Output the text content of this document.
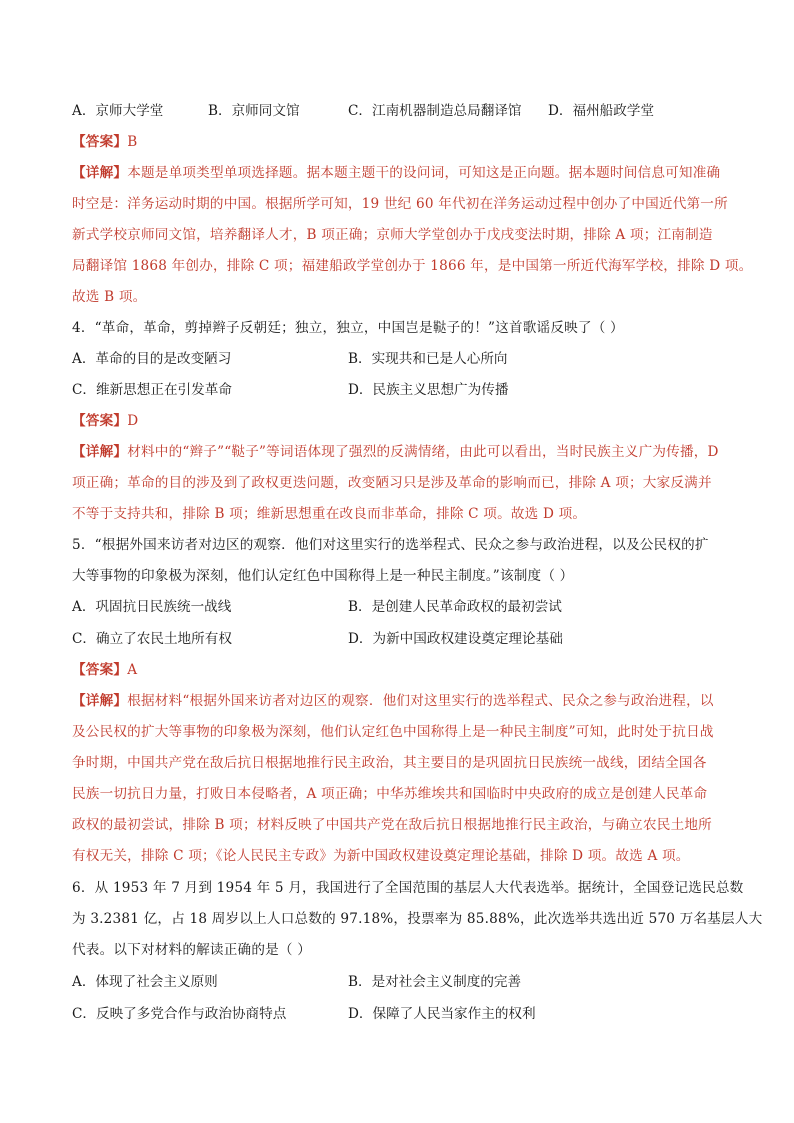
A．京师大学堂	B．京师同文馆	C．江南机器制造总局翻译馆 D．福州船政学堂
【答案】B
【详解】本题是单项类型单项选择题。据本题主题干的设问词，可知这是正向题。据本题时间信息可知准确
时空是：洋务运动时期的中国。根据所学可知，19 世纪 60 年代初在洋务运动过程中创办了中国近代第一所
新式学校京师同文馆，培养翻译人才，B 项正确；京师大学堂创办于戊戌变法时期，排除 A 项；江南制造
局翻译馆 1868 年创办，排除 C 项；福建船政学堂创办于 1866 年，是中国第一所近代海军学校，排除 D 项。
故选 B 项。
4．“革命，革命，剪掉辫子反朝廷；独立，独立，中国岂是鞑子的！”这首歌谣反映了（ ）
A．革命的目的是改变陋习	B．实现共和已是人心所向
C．维新思想正在引发革命	D．民族主义思想广为传播
【答案】D
【详解】材料中的“辫子”“鞑子”等词语体现了强烈的反满情绪，由此可以看出，当时民族主义广为传播，D
项正确；革命的目的涉及到了政权更迭问题，改变陋习只是涉及革命的影响而已，排除 A 项；大家反满并
不等于支持共和，排除 B 项；维新思想重在改良而非革命，排除 C 项。故选 D 项。
5．“根据外国来访者对边区的观察．他们对这里实行的选举程式、民众之参与政治进程，以及公民权的扩
大等事物的印象极为深刻，他们认定红色中国称得上是一种民主制度。”该制度（ ）
A．巩固抗日民族统一战线	B．是创建人民革命政权的最初尝试
C．确立了农民土地所有权	D．为新中国政权建设奠定理论基础
【答案】A
【详解】根据材料“根据外国来访者对边区的观察．他们对这里实行的选举程式、民众之参与政治进程，以
及公民权的扩大等事物的印象极为深刻，他们认定红色中国称得上是一种民主制度”可知，此时处于抗日战
争时期，中国共产党在敌后抗日根据地推行民主政治，其主要目的是巩固抗日民族统一战线，团结全国各
民族一切抗日力量，打败日本侵略者，A 项正确；中华苏维埃共和国临时中央政府的成立是创建人民革命
政权的最初尝试，排除 B 项；材料反映了中国共产党在敌后抗日根据地推行民主政治，与确立农民土地所
有权无关，排除 C 项；《论人民民主专政》为新中国政权建设奠定理论基础，排除 D 项。故选 A 项。
6．从 1953 年 7 月到 1954 年 5 月，我国进行了全国范围的基层人大代表选举。据统计，全国登记选民总数
为 3.2381 亿，占 18 周岁以上人口总数的 97.18%，投票率为 85.88%，此次选举共选出近 570 万名基层人大
代表。以下对材料的解读正确的是（ ）
A．体现了社会主义原则	B．是对社会主义制度的完善
C．反映了多党合作与政治协商特点	D．保障了人民当家作主的权利
